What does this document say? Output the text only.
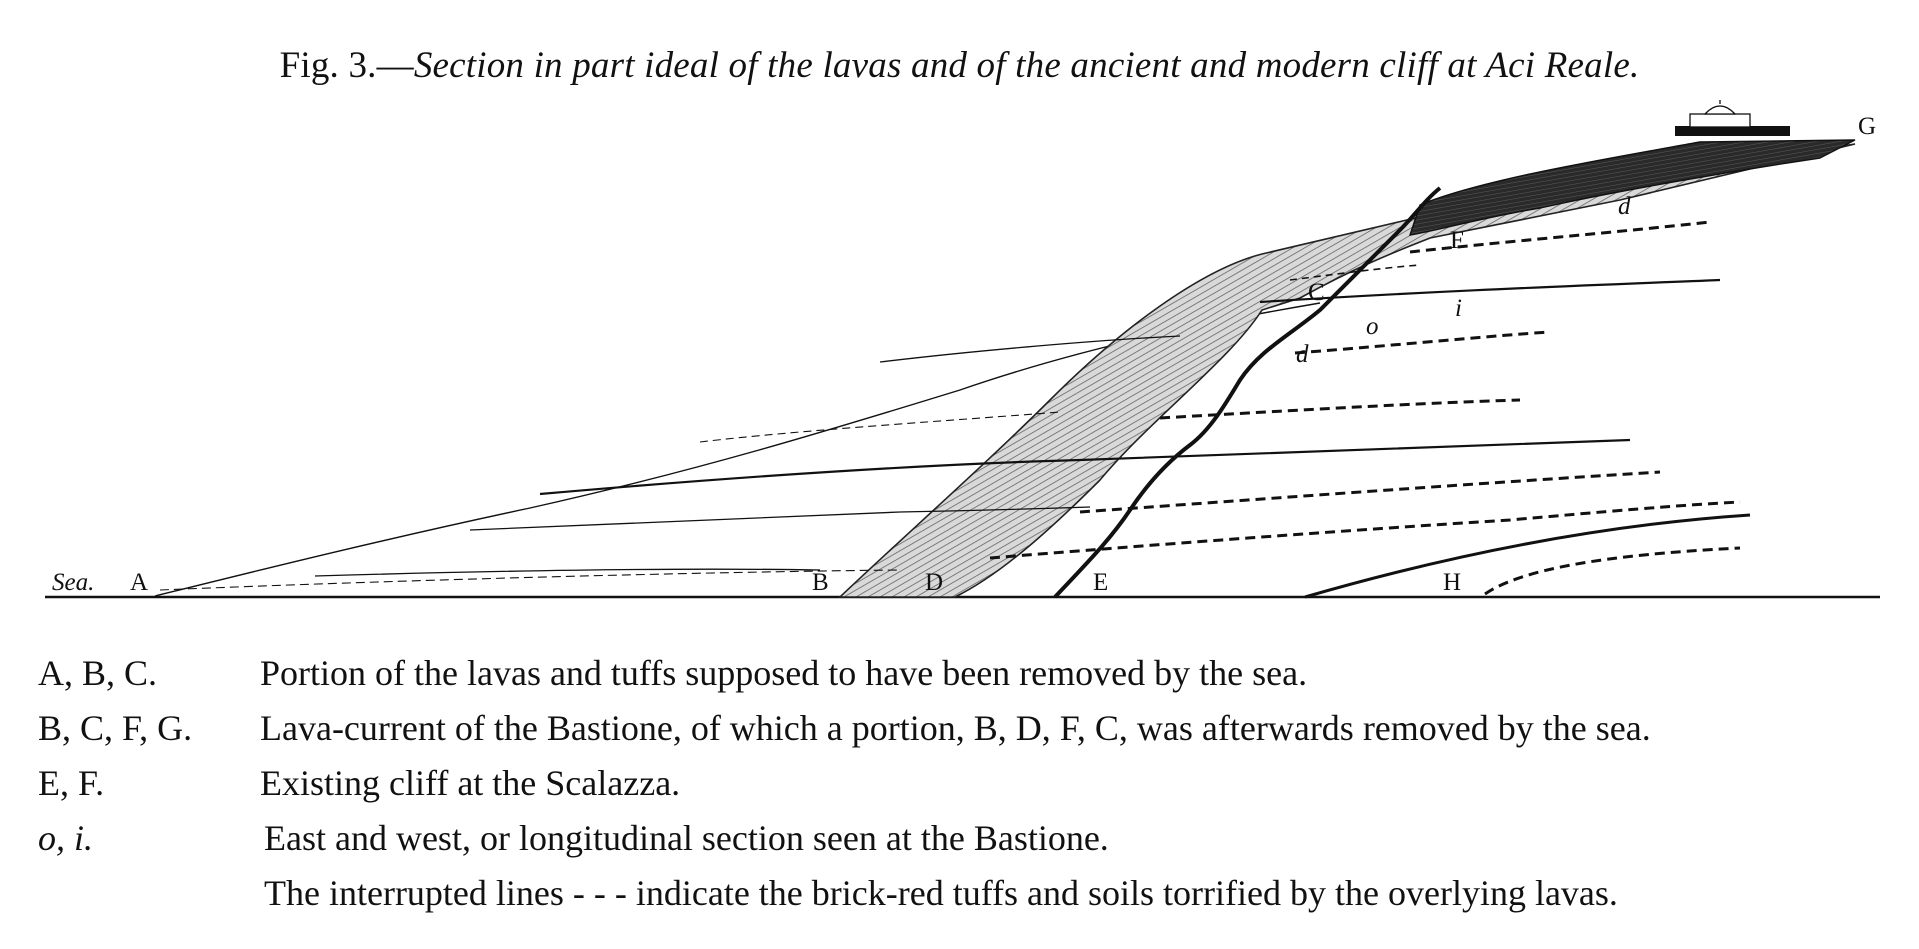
Fig. 3.—Section in part ideal of the lavas and of the ancient and modern cliff at Aci Reale.
Sea. A	B	D	E	H
C
F
G
o
i
d
d
A, B, C.	Portion of the lavas and tuffs supposed to have been removed by the sea.
B, C, F, G. Lava-current of the Bastione, of which a portion, B, D, F, C, was afterwards removed by the sea.
E, F.	Existing cliff at the Scalazza.
o, i.	East and west, or longitudinal section seen at the Bastione.
The interrupted lines - - - indicate the brick-red tuffs and soils torrified by the overlying lavas.
